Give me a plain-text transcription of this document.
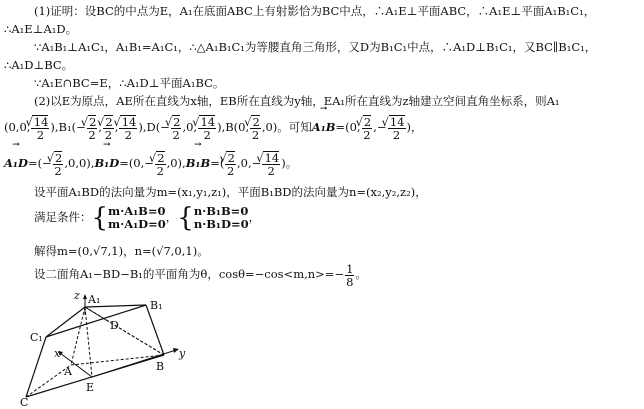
(1)证明：设BC的中点为E，A₁在底面ABC上有射影恰为BC中点，∴A₁E⊥平面ABC，∴A₁E⊥平面A₁B₁C₁，
∴A₁E⊥A₁D。
∵A₁B₁⊥A₁C₁，A₁B₁=A₁C₁，∴△A₁B₁C₁为等腰直角三角形，又D为B₁C₁中点，∴A₁D⊥B₁C₁，又BC∥B₁C₁，
∴A₁D⊥BC。
∵A₁E∩BC=E，∴A₁D⊥平面A₁BC。
(2)以E为原点，AE所在直线为x轴，EB所在直线为y轴，EA₁所在直线为z轴建立空间直角坐标系，则A₁
(0,0, √ $\frac{14}{2} ),B_1(-$ √ $\frac{2}{2}$ , √ $\frac{2}{2}$ , √ $\frac{14}{2} ),D(-$ √ $\frac{2}{2} ,0$, √ $\frac{14}{2} ),B(0$, √ $\frac{2}{2} ,0$)。可知→ A₁B=(0, √ $\frac{2}{2}$ ,− √ $\frac{14}{2}$ )，
→ A₁D=(− √ $\frac{2}{2} ,0,0),\to B_1D=(0,-$ √ $\frac{2}{2} ,0),\to B_1B=$( √ $\frac{2}{2} ,0,-$ √ $\frac{14}{2}$ )。
设平面A₁BD的法向量为m=(x₁,y₁,z₁)，平面B₁BD的法向量为n=(x₂,y₂,z₂)，
满足条件：{ m·A₁B=0
m·A₁D=0 ，{ n·B₁B=0
n·B₁D=0 ，
解得m=(0,√7,1)，n=(√7,0,1)。
设二面角A₁−BD−B₁的平面角为θ，$\cos\theta=-\cos<m,n>=- \frac{1}{8}$ 。
z A₁	B₁
C₁
D
x
A
y
B
E
C
